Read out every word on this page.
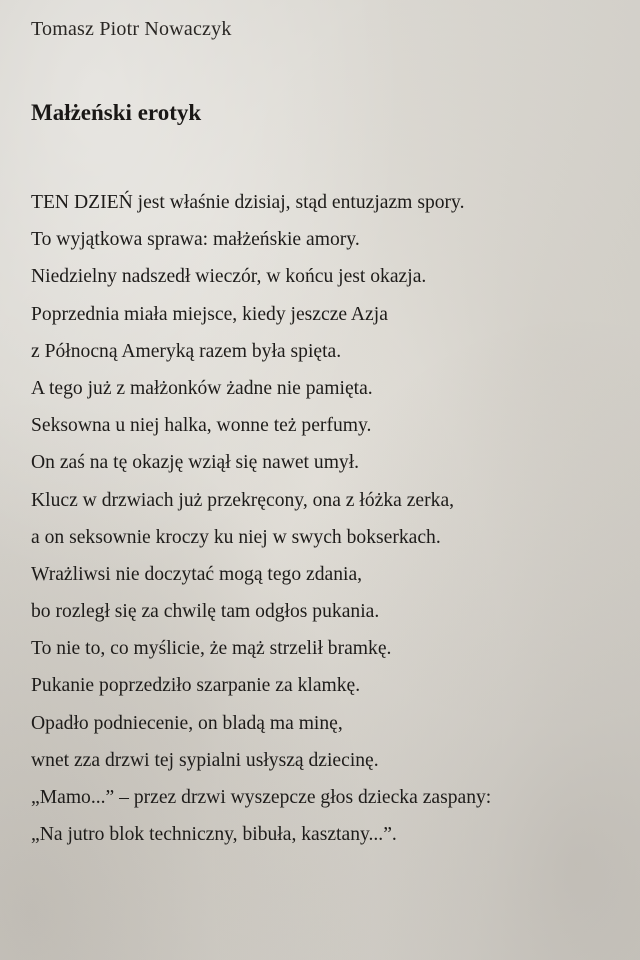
Tomasz Piotr Nowaczyk
Małżeński erotyk
TEN DZIEŃ jest właśnie dzisiaj, stąd entuzjazm spory.
To wyjątkowa sprawa: małżeńskie amory.
Niedzielny nadszedł wieczór, w końcu jest okazja.
Poprzednia miała miejsce, kiedy jeszcze Azja
z Północną Ameryką razem była spięta.
A tego już z małżonków żadne nie pamięta.
Seksowna u niej halka, wonne też perfumy.
On zaś na tę okazję wziął się nawet umył.
Klucz w drzwiach już przekręcony, ona z łóżka zerka,
a on seksownie kroczy ku niej w swych bokserkach.
Wrażliwsi nie doczytać mogą tego zdania,
bo rozległ się za chwilę tam odgłos pukania.
To nie to, co myślicie, że mąż strzelił bramkę.
Pukanie poprzedziło szarpanie za klamkę.
Opadło podniecenie, on bladą ma minę,
wnet zza drzwi tej sypialni usłyszą dziecinę.
„Mamo...” – przez drzwi wyszepcze głos dziecka zaspany:
„Na jutro blok techniczny, bibuła, kasztany...”.
